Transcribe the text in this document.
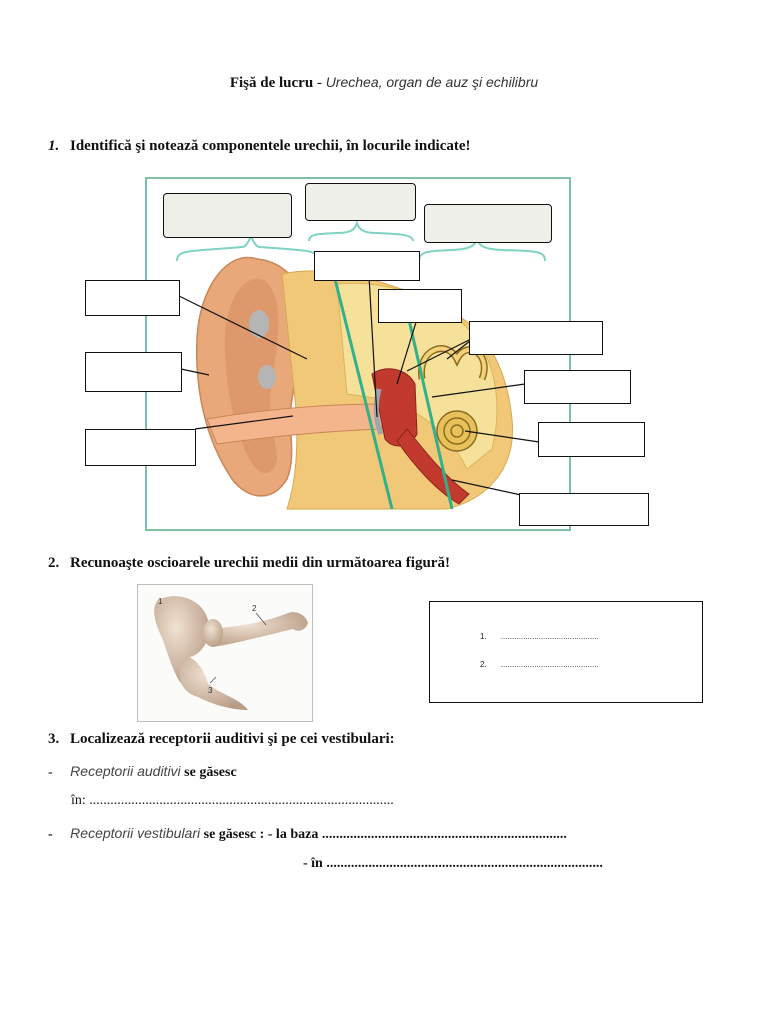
Fişă de lucru - Urechea, organ de auz şi echilibru
1. Identifică şi notează componentele urechii, în locurile indicate!
2. Recunoaşte oscioarele urechii medii din următoarea figură!
1
2
3
1. ............................................
2. ............................................
3. Localizează receptorii auditivi şi pe cei vestibulari:
- Receptorii auditivi se găsesc
în: .......................................................................................
- Receptorii vestibulari se găsesc : - la baza ......................................................................
- în ...............................................................................
